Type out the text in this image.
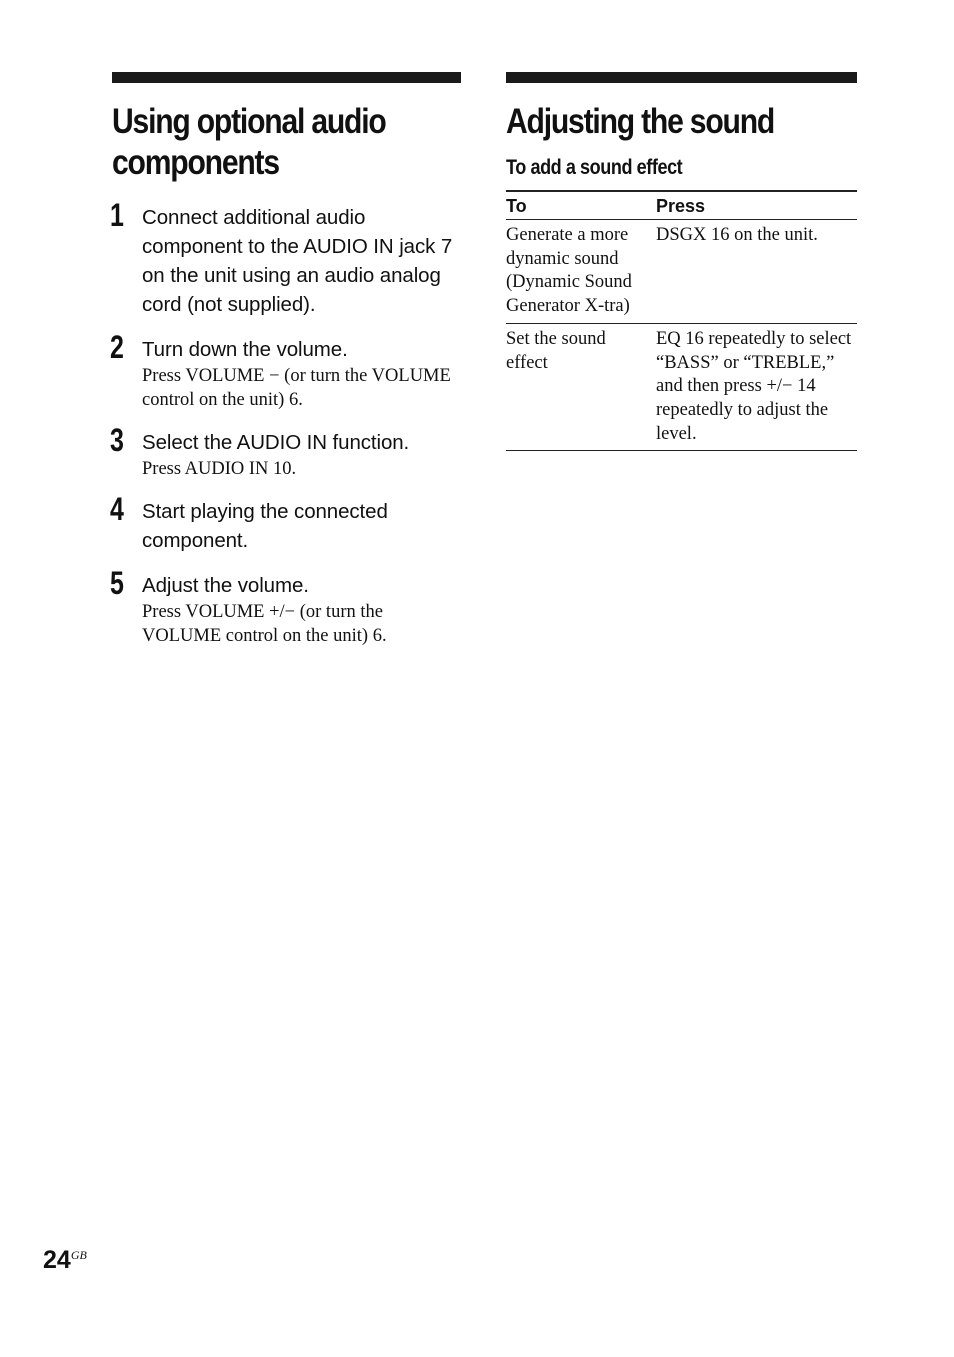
Using optional audio
components
1 Connect additional audio component to the AUDIO IN jack 7 on the unit using an audio analog cord (not supplied).
2 Turn down the volume.
Press VOLUME − (or turn the VOLUME control on the unit) 6.
3 Select the AUDIO IN function.
Press AUDIO IN 10.
4 Start playing the connected component.
5 Adjust the volume.
Press VOLUME +/− (or turn the VOLUME control on the unit) 6.
Adjusting the sound
To add a sound effect
To	Press
Generate a more dynamic sound (Dynamic Sound Generator X-tra)	DSGX 16 on the unit.
Set the sound effect	EQ 16 repeatedly to select “BASS” or “TREBLE,” and then press +/− 14 repeatedly to adjust the level.
$24^{GB}$
